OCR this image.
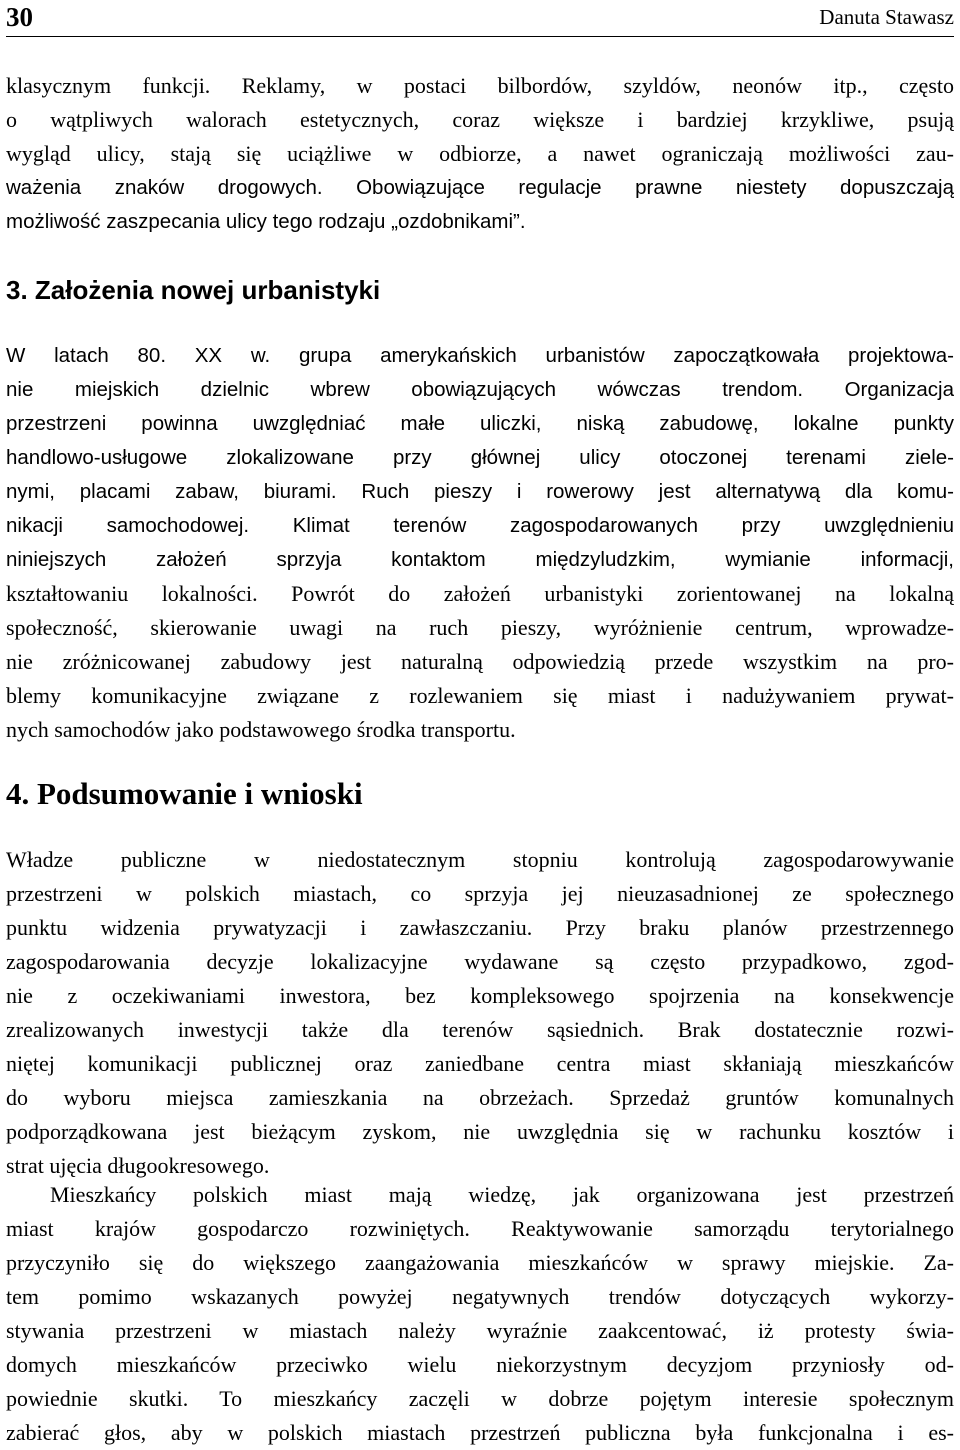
30	Danuta Stawasz
klasycznym funkcji. Reklamy, w postaci bilbordów, szyldów, neonów itp., często
o wątpliwych walorach estetycznych, coraz większe i bardziej krzykliwe, psują
wygląd ulicy, stają się uciążliwe w odbiorze, a nawet ograniczają możliwości zau-
ważenia znaków drogowych. Obowiązujące regulacje prawne niestety dopuszczają
możliwość zaszpecania ulicy tego rodzaju „ozdobnikami”.
3. Założenia nowej urbanistyki
W latach 80. XX w. grupa amerykańskich urbanistów zapoczątkowała projektowa-
nie miejskich dzielnic wbrew obowiązujących wówczas trendom. Organizacja
przestrzeni powinna uwzględniać małe uliczki, niską zabudowę, lokalne punkty
handlowo-usługowe zlokalizowane przy głównej ulicy otoczonej terenami ziele-
nymi, placami zabaw, biurami. Ruch pieszy i rowerowy jest alternatywą dla komu-
nikacji samochodowej. Klimat terenów zagospodarowanych przy uwzględnieniu
niniejszych założeń sprzyja kontaktom międzyludzkim, wymianie informacji,
kształtowaniu lokalności. Powrót do założeń urbanistyki zorientowanej na lokalną
społeczność, skierowanie uwagi na ruch pieszy, wyróżnienie centrum, wprowadze-
nie zróżnicowanej zabudowy jest naturalną odpowiedzią przede wszystkim na pro-
blemy komunikacyjne związane z rozlewaniem się miast i nadużywaniem prywat-
nych samochodów jako podstawowego środka transportu.
4. Podsumowanie i wnioski
Władze publiczne w niedostatecznym stopniu kontrolują zagospodarowywanie
przestrzeni w polskich miastach, co sprzyja jej nieuzasadnionej ze społecznego
punktu widzenia prywatyzacji i zawłaszczaniu. Przy braku planów przestrzennego
zagospodarowania decyzje lokalizacyjne wydawane są często przypadkowo, zgod-
nie z oczekiwaniami inwestora, bez kompleksowego spojrzenia na konsekwencje
zrealizowanych inwestycji także dla terenów sąsiednich. Brak dostatecznie rozwi-
niętej komunikacji publicznej oraz zaniedbane centra miast skłaniają mieszkańców
do wyboru miejsca zamieszkania na obrzeżach. Sprzedaż gruntów komunalnych
podporządkowana jest bieżącym zyskom, nie uwzględnia się w rachunku kosztów i
strat ujęcia długookresowego.
Mieszkańcy polskich miast mają wiedzę, jak organizowana jest przestrzeń
miast krajów gospodarczo rozwiniętych. Reaktywowanie samorządu terytorialnego
przyczyniło się do większego zaangażowania mieszkańców w sprawy miejskie. Za-
tem pomimo wskazanych powyżej negatywnych trendów dotyczących wykorzy-
stywania przestrzeni w miastach należy wyraźnie zaakcentować, iż protesty świa-
domych mieszkańców przeciwko wielu niekorzystnym decyzjom przyniosły od-
powiednie skutki. To mieszkańcy zaczęli w dobrze pojętym interesie społecznym
zabierać głos, aby w polskich miastach przestrzeń publiczna była funkcjonalna i es-
